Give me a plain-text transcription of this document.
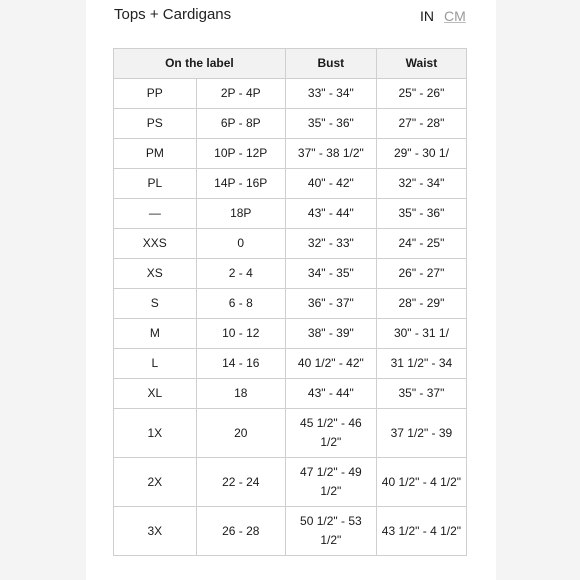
Tops + Cardigans	IN CM
On the label		Bust	Waist
PP	2P - 4P	33" - 34"	25" - 26"
PS	6P - 8P	35" - 36"	27" - 28"
PM	10P - 12P	37" - 38 1/2"	29" - 30 1/
PL	14P - 16P	40" - 42"	32" - 34"
—	18P	43" - 44"	35" - 36"
XXS	0	32" - 33"	24" - 25"
XS	2 - 4	34" - 35"	26" - 27"
S	6 - 8	36" - 37"	28" - 29"
M	10 - 12	38" - 39"	30" - 31 1/
L	14 - 16	40 1/2" - 42"	31 1/2" - 34
XL	18	43" - 44"	35" - 37"
1X	20	45 1/2" - 46 1/2"	37 1/2" - 39
2X	22 - 24	47 1/2" - 49 1/2"	40 1/2" - 4 1/2"
3X	26 - 28	50 1/2" - 53 1/2"	43 1/2" - 4 1/2"
